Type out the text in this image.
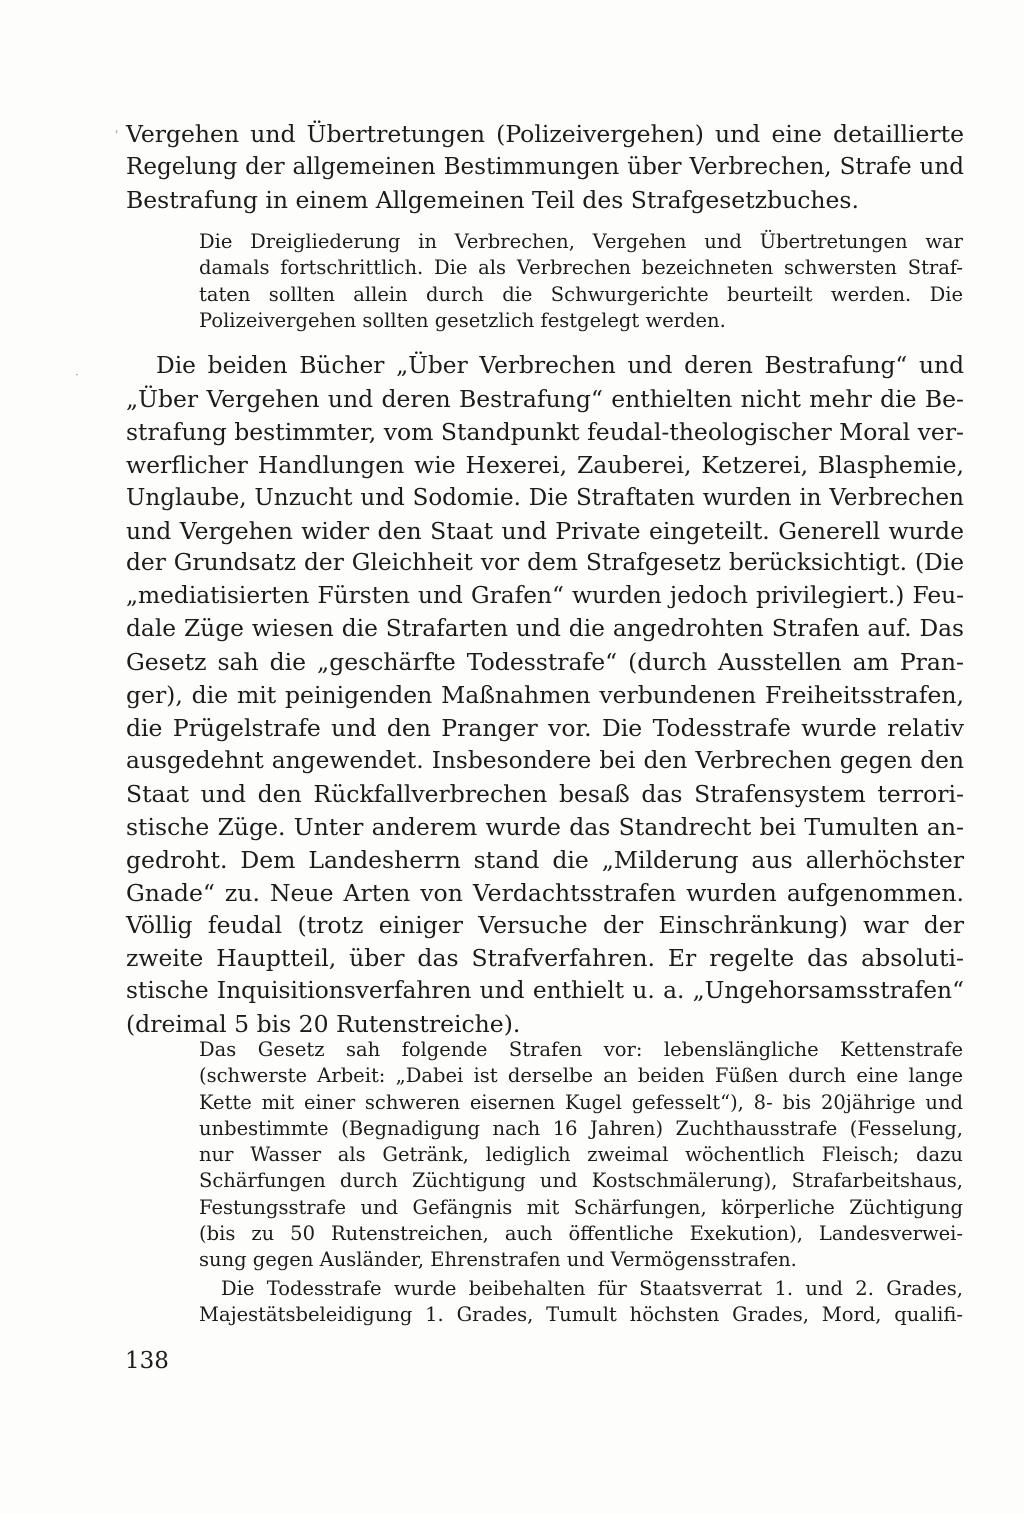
'
·
Vergehen und Übertretungen (Polizeivergehen) und eine detaillierte
Regelung der allgemeinen Bestimmungen über Verbrechen, Strafe und
Bestrafung in einem Allgemeinen Teil des Strafgesetzbuches.
Die Dreigliederung in Verbrechen, Vergehen und Übertretungen war
damals fortschrittlich. Die als Verbrechen bezeichneten schwersten Straf-
taten sollten allein durch die Schwurgerichte beurteilt werden. Die
Polizeivergehen sollten gesetzlich festgelegt werden.
Die beiden Bücher „Über Verbrechen und deren Bestrafung“ und
„Über Vergehen und deren Bestrafung“ enthielten nicht mehr die Be-
strafung bestimmter, vom Standpunkt feudal-theologischer Moral ver-
werflicher Handlungen wie Hexerei, Zauberei, Ketzerei, Blasphemie,
Unglaube, Unzucht und Sodomie. Die Straftaten wurden in Verbrechen
und Vergehen wider den Staat und Private eingeteilt. Generell wurde
der Grundsatz der Gleichheit vor dem Strafgesetz berücksichtigt. (Die
„mediatisierten Fürsten und Grafen“ wurden jedoch privilegiert.) Feu-
dale Züge wiesen die Strafarten und die angedrohten Strafen auf. Das
Gesetz sah die „geschärfte Todesstrafe“ (durch Ausstellen am Pran-
ger), die mit peinigenden Maßnahmen verbundenen Freiheitsstrafen,
die Prügelstrafe und den Pranger vor. Die Todesstrafe wurde relativ
ausgedehnt angewendet. Insbesondere bei den Verbrechen gegen den
Staat und den Rückfallverbrechen besaß das Strafensystem terrori-
stische Züge. Unter anderem wurde das Standrecht bei Tumulten an-
gedroht. Dem Landesherrn stand die „Milderung aus allerhöchster
Gnade“ zu. Neue Arten von Verdachtsstrafen wurden aufgenommen.
Völlig feudal (trotz einiger Versuche der Einschränkung) war der
zweite Hauptteil, über das Strafverfahren. Er regelte das absoluti-
stische Inquisitionsverfahren und enthielt u. a. „Ungehorsamsstrafen“
(dreimal 5 bis 20 Rutenstreiche).
Das Gesetz sah folgende Strafen vor: lebenslängliche Kettenstrafe
(schwerste Arbeit: „Dabei ist derselbe an beiden Füßen durch eine lange
Kette mit einer schweren eisernen Kugel gefesselt“), 8- bis 20jährige und
unbestimmte (Begnadigung nach 16 Jahren) Zuchthausstrafe (Fesselung,
nur Wasser als Getränk, lediglich zweimal wöchentlich Fleisch; dazu
Schärfungen durch Züchtigung und Kostschmälerung), Strafarbeitshaus,
Festungsstrafe und Gefängnis mit Schärfungen, körperliche Züchtigung
(bis zu 50 Rutenstreichen, auch öffentliche Exekution), Landesverwei-
sung gegen Ausländer, Ehrenstrafen und Vermögensstrafen.
Die Todesstrafe wurde beibehalten für Staatsverrat 1. und 2. Grades,
Majestätsbeleidigung 1. Grades, Tumult höchsten Grades, Mord, qualifi-
138
